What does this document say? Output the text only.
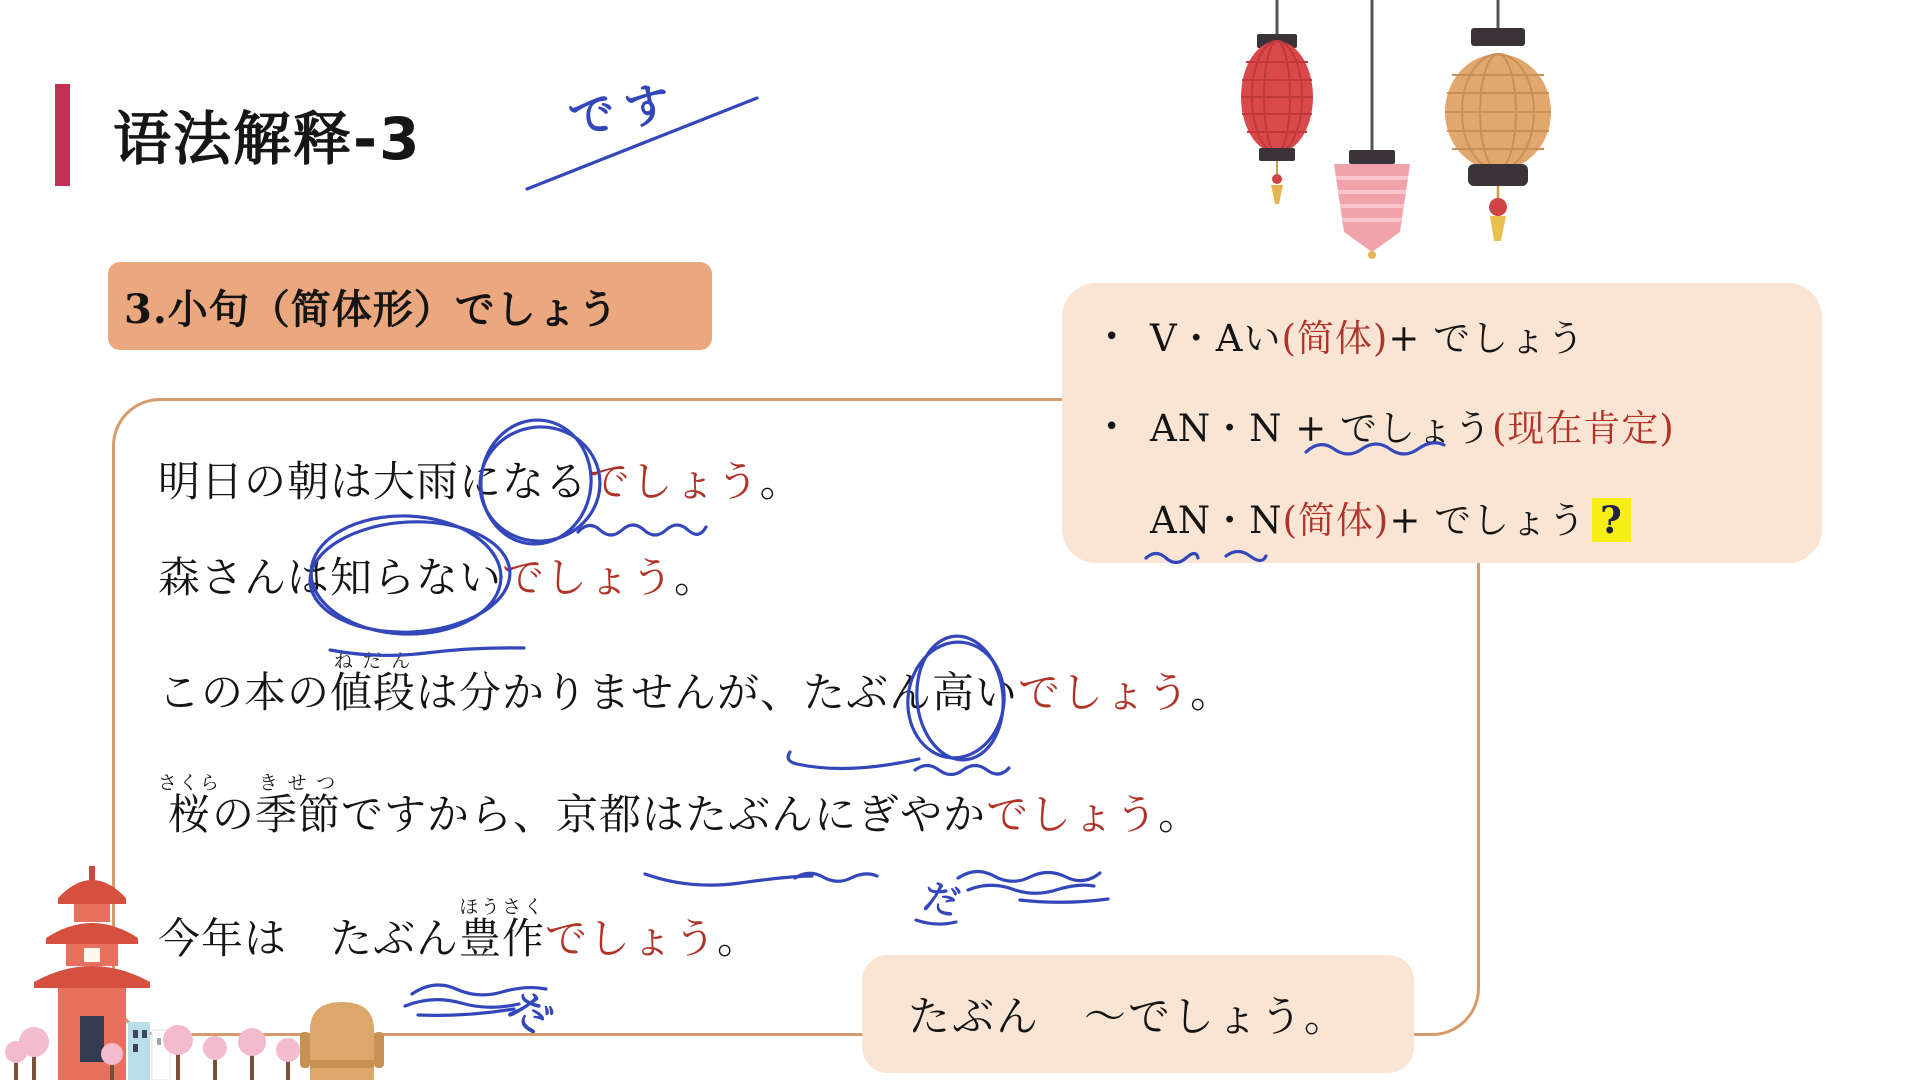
语法解释-3
3.小句（简体形）でしょう
明日の朝は大雨になるでしょう。
森さんは知らないでしょう。
この本の値段ねだんは分かりませんが、たぶん高いでしょう。
桜さくらの季節きせつですから、京都はたぶんにぎやかでしょう。
今年は　たぶん豊作ほうさくでしょう。
• V・Aい(简体)+ でしょう
• AN・N + でしょう(现在肯定)
AN・N(简体)+ でしょう ?
たぶん　〜でしょう。
です
だ
だ
